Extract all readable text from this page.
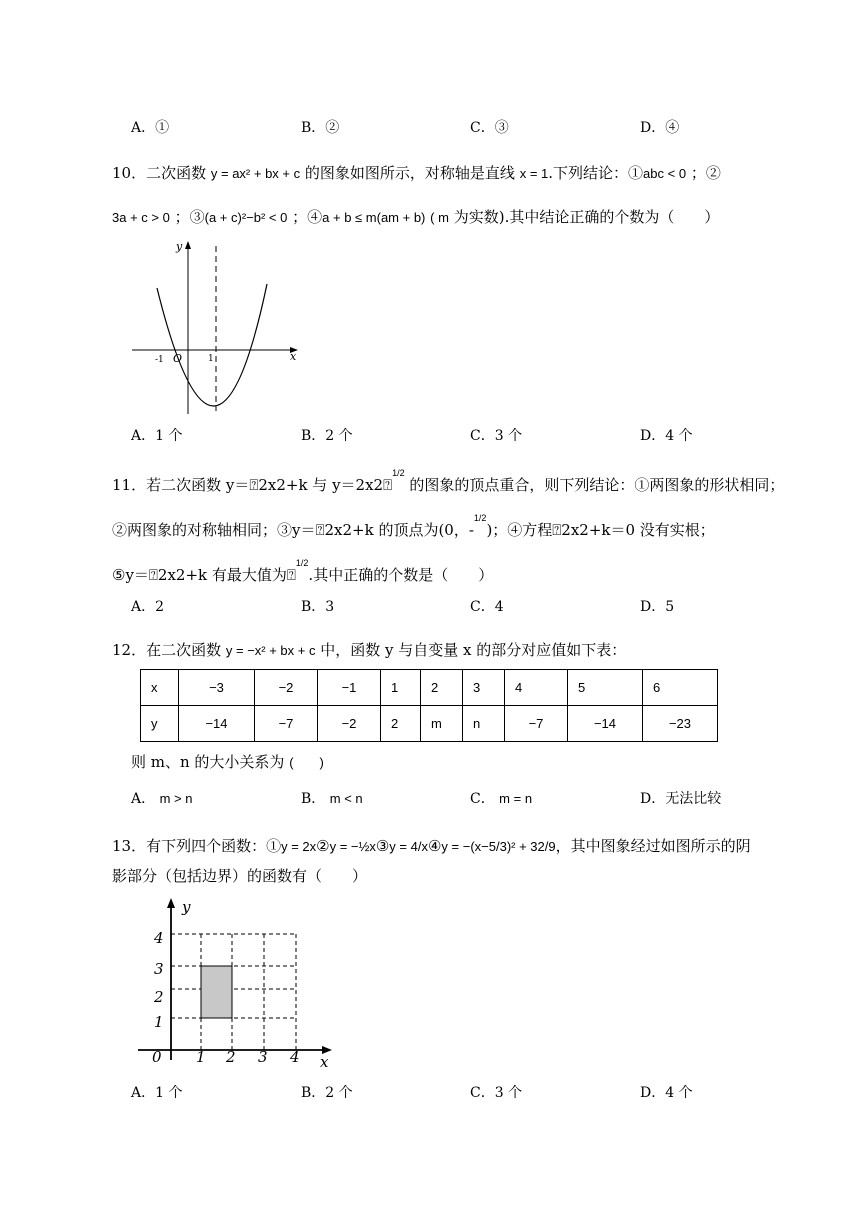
A．①	B．②	C．③	D．④
10．二次函数 y = ax² + bx + c 的图象如图所示，对称轴是直线 x = 1.下列结论：①abc < 0 ；②
3a + c > 0 ；③(a + c)²−b² < 0 ；④a + b ≤ m(am + b) ( m 为实数).其中结论正确的个数为（　　）
y
x
O
-1	1
A．1 个	B．2 个	C．3 个	D．4 个
11．若二次函数 y＝⍰2x2+k 与 y＝2x2⍰$^{1/2}$ 的图象的顶点重合，则下列结论：①两图象的形状相同；
②两图象的对称轴相同；③y＝⍰2x2+k 的顶点为(0，-$^{1/2}$)；④方程⍰2x2+k＝0 没有实根；
⑤y＝⍰2x2+k 有最大值为⍰$^{1/2}$.其中正确的个数是（　　）
A．2	B．3	C．4	D．5
12．在二次函数 y = −x² + bx + c 中，函数 y 与自变量 x 的部分对应值如下表：
x	−3	−2	−1	1	2	3	4	5	6
y	−14	−7	−2	2	m	n	−7	−14	−23
则 m、n 的大小关系为 (　　)
A． m > n	B． m < n	C． m = n	D．无法比较
13．有下列四个函数：①y = 2x②y = −½x③y = 4/x④y = −(x−5/3)² + 32/9，其中图象经过如图所示的阴
影部分（包括边界）的函数有（　　）
y
x
0 1 2 3 4
1
2
3
4
A．1 个	B．2 个	C．3 个	D．4 个
